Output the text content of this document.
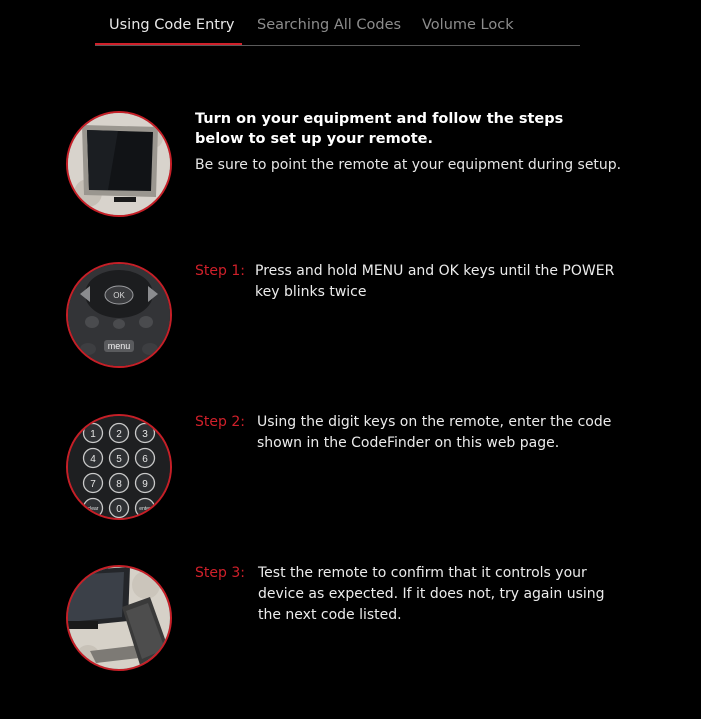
Using Code Entry Searching All Codes Volume Lock
Turn on your equipment and follow the steps below to set up your remote.
Be sure to point the remote at your equipment during setup.
OK
menu
Step 1: Press and hold MENU and OK keys until the POWER key blinks twice
1 2 3
4 5 6
7 8 9
clear 0	enter
Step 2: Using the digit keys on the remote, enter the code shown in the CodeFinder on this web page.
Step 3: Test the remote to confirm that it controls your device as expected. If it does not, try again using the next code listed.
